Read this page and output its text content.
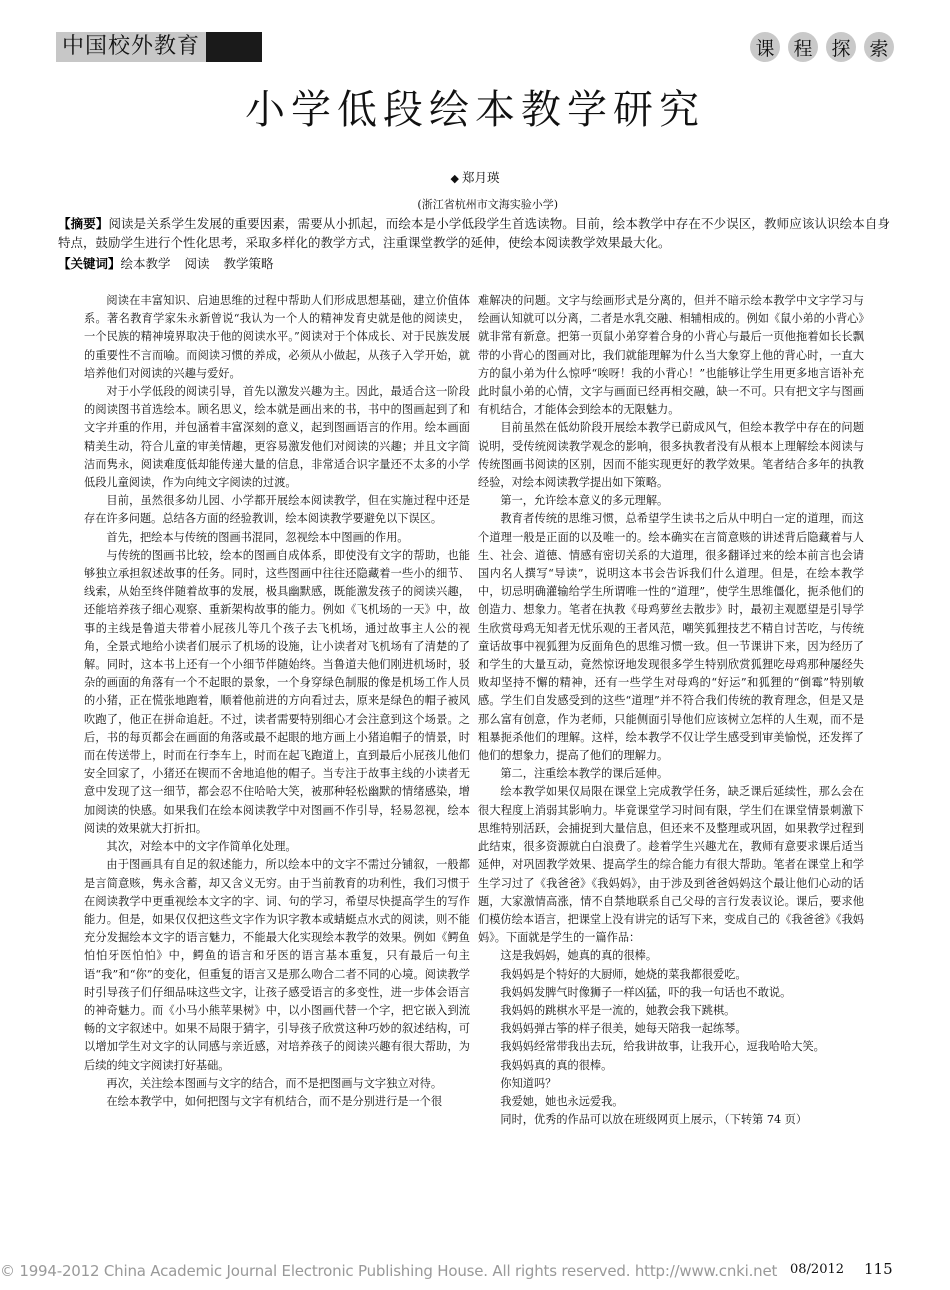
中国校外教育	课 程 探 索
小学低段绘本教学研究
◆ 郑月瑛
(浙江省杭州市文海实验小学)
【摘要】阅读是关系学生发展的重要因素，需要从小抓起，而绘本是小学低段学生首选读物。目前，绘本教学中存在不少误区，教师应该认识绘本自身特点，鼓励学生进行个性化思考，采取多样化的教学方式，注重课堂教学的延伸，使绘本阅读教学效果最大化。
【关键词】绘本教学 阅读 教学策略

阅读在丰富知识、启迪思维的过程中帮助人们形成思想基础，建立价值体系。著名教育学家朱永新曾说“我认为一个人的精神发育史就是他的阅读史，一个民族的精神境界取决于他的阅读水平。”阅读对于个体成长、对于民族发展的重要性不言而喻。而阅读习惯的养成，必须从小做起，从孩子入学开始，就培养他们对阅读的兴趣与爱好。

对于小学低段的阅读引导，首先以激发兴趣为主。因此，最适合这一阶段的阅读图书首选绘本。顾名思义，绘本就是画出来的书，书中的图画起到了和文字并重的作用，并包涵着丰富深刻的意义，起到图画语言的作用。绘本画面精美生动，符合儿童的审美情趣，更容易激发他们对阅读的兴趣；并且文字简洁而隽永，阅读难度低却能传递大量的信息，非常适合识字量还不太多的小学低段儿童阅读，作为向纯文字阅读的过渡。

目前，虽然很多幼儿园、小学都开展绘本阅读教学，但在实施过程中还是存在许多问题。总结各方面的经验教训，绘本阅读教学要避免以下误区。

首先，把绘本与传统的图画书混同，忽视绘本中图画的作用。

与传统的图画书比较，绘本的图画自成体系，即使没有文字的帮助，也能够独立承担叙述故事的任务。同时，这些图画中往往还隐藏着一些小的细节、线索，从始至终伴随着故事的发展，极具幽默感，既能激发孩子的阅读兴趣，还能培养孩子细心观察、重新架构故事的能力。例如《飞机场的一天》中，故事的主线是鲁道夫带着小屁孩儿等几个孩子去飞机场，通过故事主人公的视角，全景式地给小读者们展示了机场的设施，让小读者对飞机场有了清楚的了解。同时，这本书上还有一个小细节伴随始终。当鲁道夫他们刚进机场时，驳杂的画面的角落有一个不起眼的景象，一个身穿绿色制服的像是机场工作人员的小猪，正在慌张地跑着，顺着他前进的方向看过去，原来是绿色的帽子被风吹跑了，他正在拼命追赶。不过，读者需要特别细心才会注意到这个场景。之后，书的每页都会在画面的角落或最不起眼的地方画上小猪追帽子的情景，时而在传送带上，时而在行李车上，时而在起飞跑道上，直到最后小屁孩儿他们安全回家了，小猪还在锲而不舍地追他的帽子。当专注于故事主线的小读者无意中发现了这一细节，都会忍不住哈哈大笑，被那种轻松幽默的情绪感染，增加阅读的快感。如果我们在绘本阅读教学中对图画不作引导，轻易忽视，绘本阅读的效果就大打折扣。

其次，对绘本中的文字作简单化处理。

由于图画具有自足的叙述能力，所以绘本中的文字不需过分铺叙，一般都是言简意赅，隽永含蓄，却又含义无穷。由于当前教育的功利性，我们习惯于在阅读教学中更重视绘本文字的字、词、句的学习，希望尽快提高学生的写作能力。但是，如果仅仅把这些文字作为识字教本或蜻蜓点水式的阅读，则不能充分发掘绘本文字的语言魅力，不能最大化实现绘本教学的效果。例如《鳄鱼怕怕牙医怕怕》中，鳄鱼的语言和牙医的语言基本重复，只有最后一句主语“我”和“你”的变化，但重复的语言又是那么吻合二者不同的心境。阅读教学时引导孩子们仔细品味这些文字，让孩子感受语言的多变性，进一步体会语言的神奇魅力。而《小马小熊苹果树》中，以小图画代替一个字，把它嵌入到流畅的文字叙述中。如果不局限于猜字，引导孩子欣赏这种巧妙的叙述结构，可以增加学生对文字的认同感与亲近感，对培养孩子的阅读兴趣有很大帮助，为后续的纯文字阅读打好基础。

再次，关注绘本图画与文字的结合，而不是把图画与文字独立对待。

在绘本教学中，如何把图与文字有机结合，而不是分别进行是一个很

难解决的问题。文字与绘画形式是分离的，但并不暗示绘本教学中文字学习与绘画认知就可以分离，二者是水乳交融、相辅相成的。例如《鼠小弟的小背心》就非常有新意。把第一页鼠小弟穿着合身的小背心与最后一页他拖着如长长飘带的小背心的图画对比，我们就能理解为什么当大象穿上他的背心时，一直大方的鼠小弟为什么惊呼“唉呀！我的小背心！”也能够让学生用更多地言语补充此时鼠小弟的心情，文字与画面已经再相交融，缺一不可。只有把文字与图画有机结合，才能体会到绘本的无限魅力。

目前虽然在低幼阶段开展绘本教学已蔚成风气，但绘本教学中存在的问题说明，受传统阅读教学观念的影响，很多执教者没有从根本上理解绘本阅读与传统图画书阅读的区别，因而不能实现更好的教学效果。笔者结合多年的执教经验，对绘本阅读教学提出如下策略。

第一，允许绘本意义的多元理解。

教育者传统的思维习惯，总希望学生读书之后从中明白一定的道理，而这个道理一般是正面的以及唯一的。绘本确实在言简意赅的讲述背后隐藏着与人生、社会、道德、情感有密切关系的大道理，很多翻译过来的绘本前言也会请国内名人撰写“导读”，说明这本书会告诉我们什么道理。但是，在绘本教学中，切忌明确灌输给学生所谓唯一性的“道理”，使学生思维僵化，扼杀他们的创造力、想象力。笔者在执教《母鸡萝丝去散步》时，最初主观愿望是引导学生欣赏母鸡无知者无忧乐观的王者风范，嘲笑狐狸技艺不精自讨苦吃，与传统童话故事中视狐狸为反面角色的思维习惯一致。但一节课讲下来，因为经历了和学生的大量互动，竟然惊讶地发现很多学生特别欣赏狐狸吃母鸡那种屡经失败却坚持不懈的精神，还有一些学生对母鸡的“好运”和狐狸的“倒霉”特别敏感。学生们自发感受到的这些“道理”并不符合我们传统的教育理念，但是又是那么富有创意，作为老师，只能侧面引导他们应该树立怎样的人生观，而不是粗暴扼杀他们的理解。这样，绘本教学不仅让学生感受到审美愉悦，还发挥了他们的想象力，提高了他们的理解力。

第二，注重绘本教学的课后延伸。

绘本教学如果仅局限在课堂上完成教学任务，缺乏课后延续性，那么会在很大程度上消弱其影响力。毕竟课堂学习时间有限，学生们在课堂情景刺激下思维特别活跃，会捕捉到大量信息，但还来不及整理或巩固，如果教学过程到此结束，很多资源就白白浪费了。趁着学生兴趣尤在，教师有意要求课后适当延伸，对巩固教学效果、提高学生的综合能力有很大帮助。笔者在课堂上和学生学习过了《我爸爸》《我妈妈》，由于涉及到爸爸妈妈这个最让他们心动的话题，大家激情高涨，情不自禁地联系自己父母的言行发表议论。课后，要求他们模仿绘本语言，把课堂上没有讲完的话写下来，变成自己的《我爸爸》《我妈妈》。下面就是学生的一篇作品：

这是我妈妈，她真的真的很棒。

我妈妈是个特好的大厨师，她烧的菜我都很爱吃。

我妈妈发脾气时像狮子一样凶猛，吓的我一句话也不敢说。

我妈妈的跳棋水平是一流的，她教会我下跳棋。

我妈妈弹古筝的样子很美，她每天陪我一起练琴。

我妈妈经常带我出去玩，给我讲故事，让我开心，逗我哈哈大笑。

我妈妈真的真的很棒。

你知道吗？

我爱她，她也永远爱我。

同时，优秀的作品可以放在班级网页上展示，（下转第 74 页）

© 1994-2012 China Academic Journal Electronic Publishing House. All rights reserved. http://www.cnki.net 08/2012 115
